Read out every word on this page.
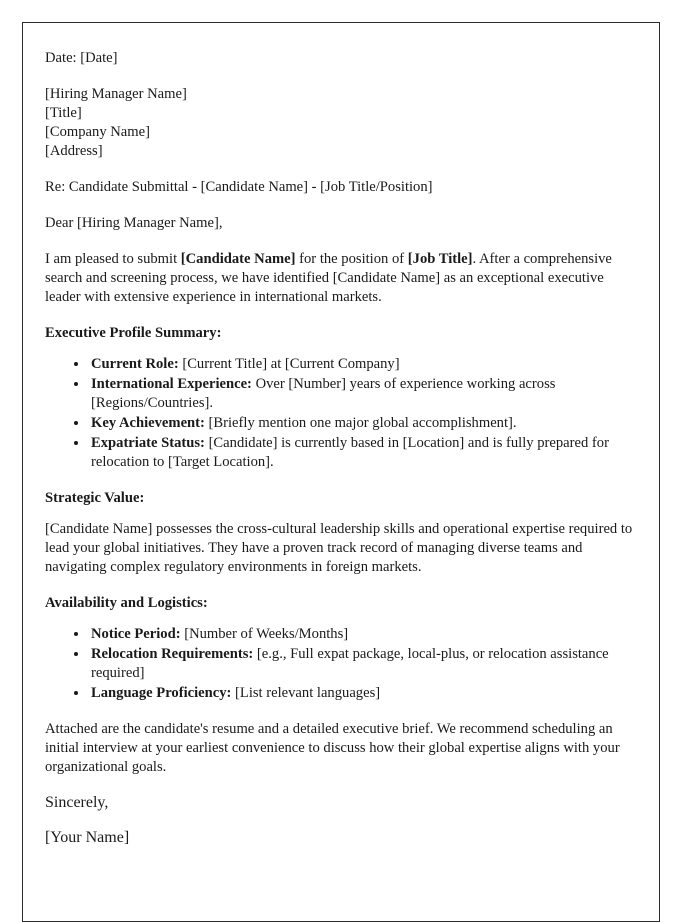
Date: [Date]
[Hiring Manager Name]
[Title]
[Company Name]
[Address]
Re: Candidate Submittal - [Candidate Name] - [Job Title/Position]
Dear [Hiring Manager Name],
I am pleased to submit [Candidate Name] for the position of [Job Title]. After a comprehensive search and screening process, we have identified [Candidate Name] as an exceptional executive leader with extensive experience in international markets.
Executive Profile Summary:
• Current Role: [Current Title] at [Current Company]
• International Experience: Over [Number] years of experience working across [Regions/Countries].
• Key Achievement: [Briefly mention one major global accomplishment].
• Expatriate Status: [Candidate] is currently based in [Location] and is fully prepared for relocation to [Target Location].
Strategic Value:
[Candidate Name] possesses the cross-cultural leadership skills and operational expertise required to lead your global initiatives. They have a proven track record of managing diverse teams and navigating complex regulatory environments in foreign markets.
Availability and Logistics:
• Notice Period: [Number of Weeks/Months]
• Relocation Requirements: [e.g., Full expat package, local-plus, or relocation assistance required]
• Language Proficiency: [List relevant languages]
Attached are the candidate's resume and a detailed executive brief. We recommend scheduling an initial interview at your earliest convenience to discuss how their global expertise aligns with your organizational goals.
Sincerely,
[Your Name]
